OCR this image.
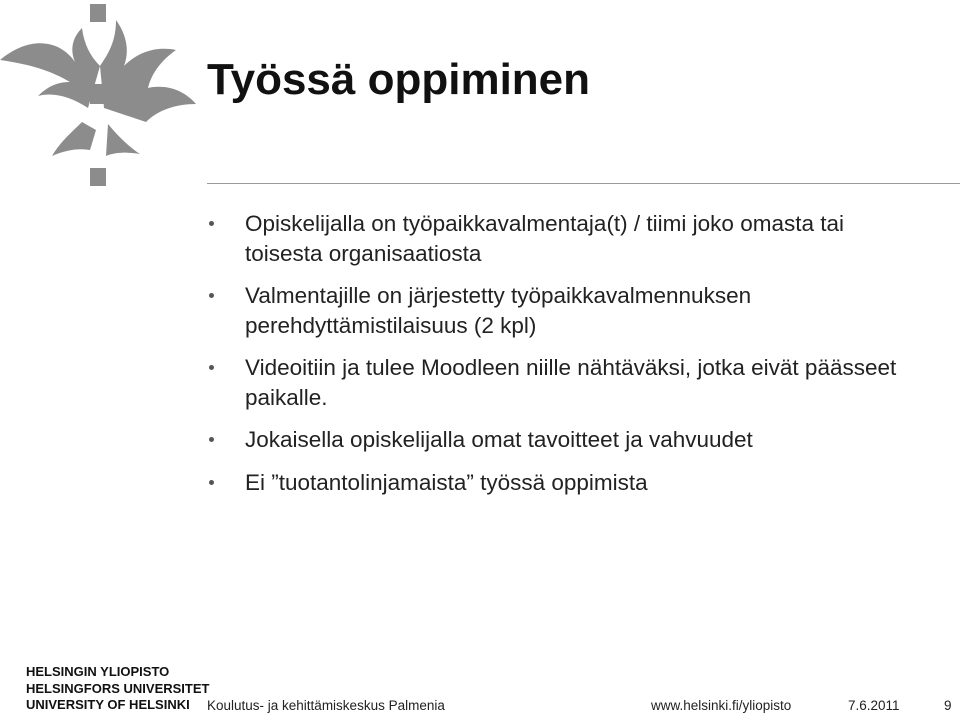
Työssä oppiminen
Opiskelijalla on työpaikkavalmentaja(t) / tiimi joko omasta tai toisesta organisaatiosta
Valmentajille on järjestetty työpaikkavalmennuksen perehdyttämistilaisuus (2 kpl)
Videoitiin ja tulee Moodleen niille nähtäväksi, jotka eivät päässeet paikalle.
Jokaisella opiskelijalla omat tavoitteet ja vahvuudet
Ei ”tuotantolinjamaista” työssä oppimista
HELSINGIN YLIOPISTO
HELSINGFORS UNIVERSITET
UNIVERSITY OF HELSINKI	Koulutus- ja kehittämiskeskus Palmenia	www.helsinki.fi/yliopisto	7.6.2011	9
